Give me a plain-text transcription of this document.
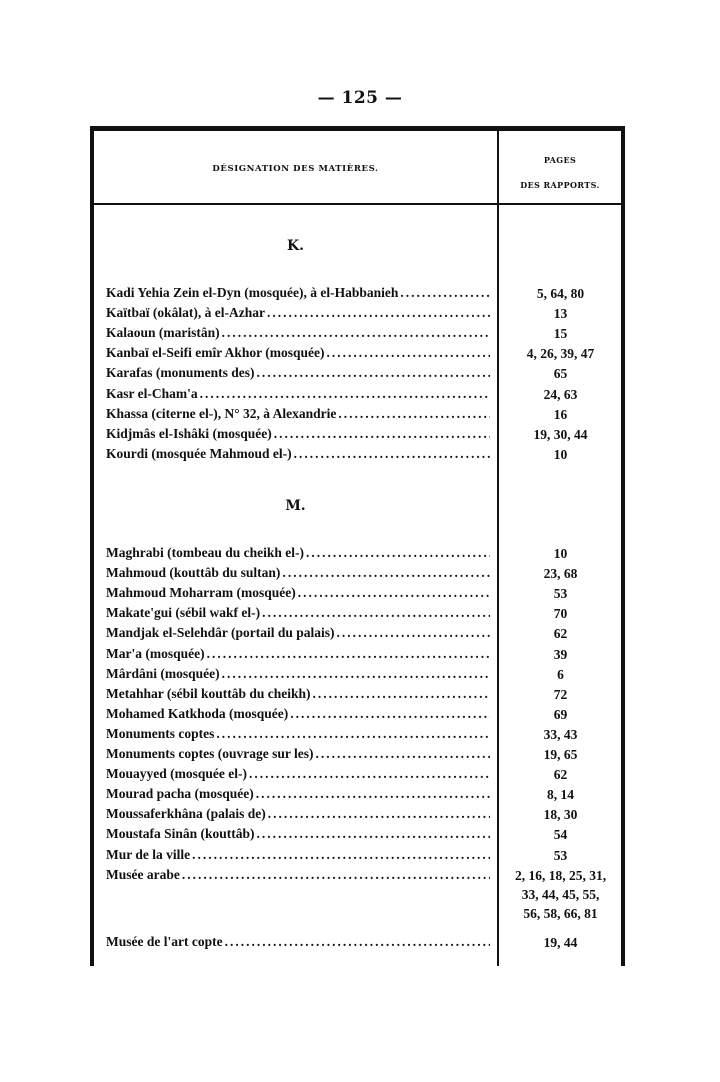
— 125 —
DÉSIGNATION DES MATIÈRES.
PAGES
DES RAPPORTS.
K.
Kadi Yehia Zein el-Dyn (mosquée), à el-Habbanieh .....	5, 64, 80
Kaïtbaï (okâlat), à el-Azhar .....	13
Kalaoun (maristân) .....	15
Kanbaï el-Seifi emîr Akhor (mosquée) .....	4, 26, 39, 47
Karafas (monuments des) .....	65
Kasr el-Cham'a .....	24, 63
Khassa (citerne el-), N° 32, à Alexandrie .....	16
Kidjmâs el-Ishâki (mosquée) .....	19, 30, 44
Kourdi (mosquée Mahmoud el-) .....	10
M.
Maghrabi (tombeau du cheikh el-) .....	10
Mahmoud (kouttâb du sultan) .....	23, 68
Mahmoud Moharram (mosquée) .....	53
Makate'gui (sébil wakf el-) .....	70
Mandjak el-Selehdâr (portail du palais) .....	62
Mar'a (mosquée) .....	39
Mârdâni (mosquée) .....	6
Metahhar (sébil kouttâb du cheikh) .....	72
Mohamed Katkhoda (mosquée) .....	69
Monuments coptes .....	33, 43
Monuments coptes (ouvrage sur les) .....	19, 65
Mouayyed (mosquée el-) .....	62
Mourad pacha (mosquée) .....	8, 14
Moussaferkhâna (palais de) .....	18, 30
Moustafa Sinân (kouttâb) .....	54
Mur de la ville .....	53
Musée arabe .....	2, 16, 18, 25, 31,
33, 44, 45, 55,
56, 58, 66, 81
Musée de l'art copte .....	19, 44
